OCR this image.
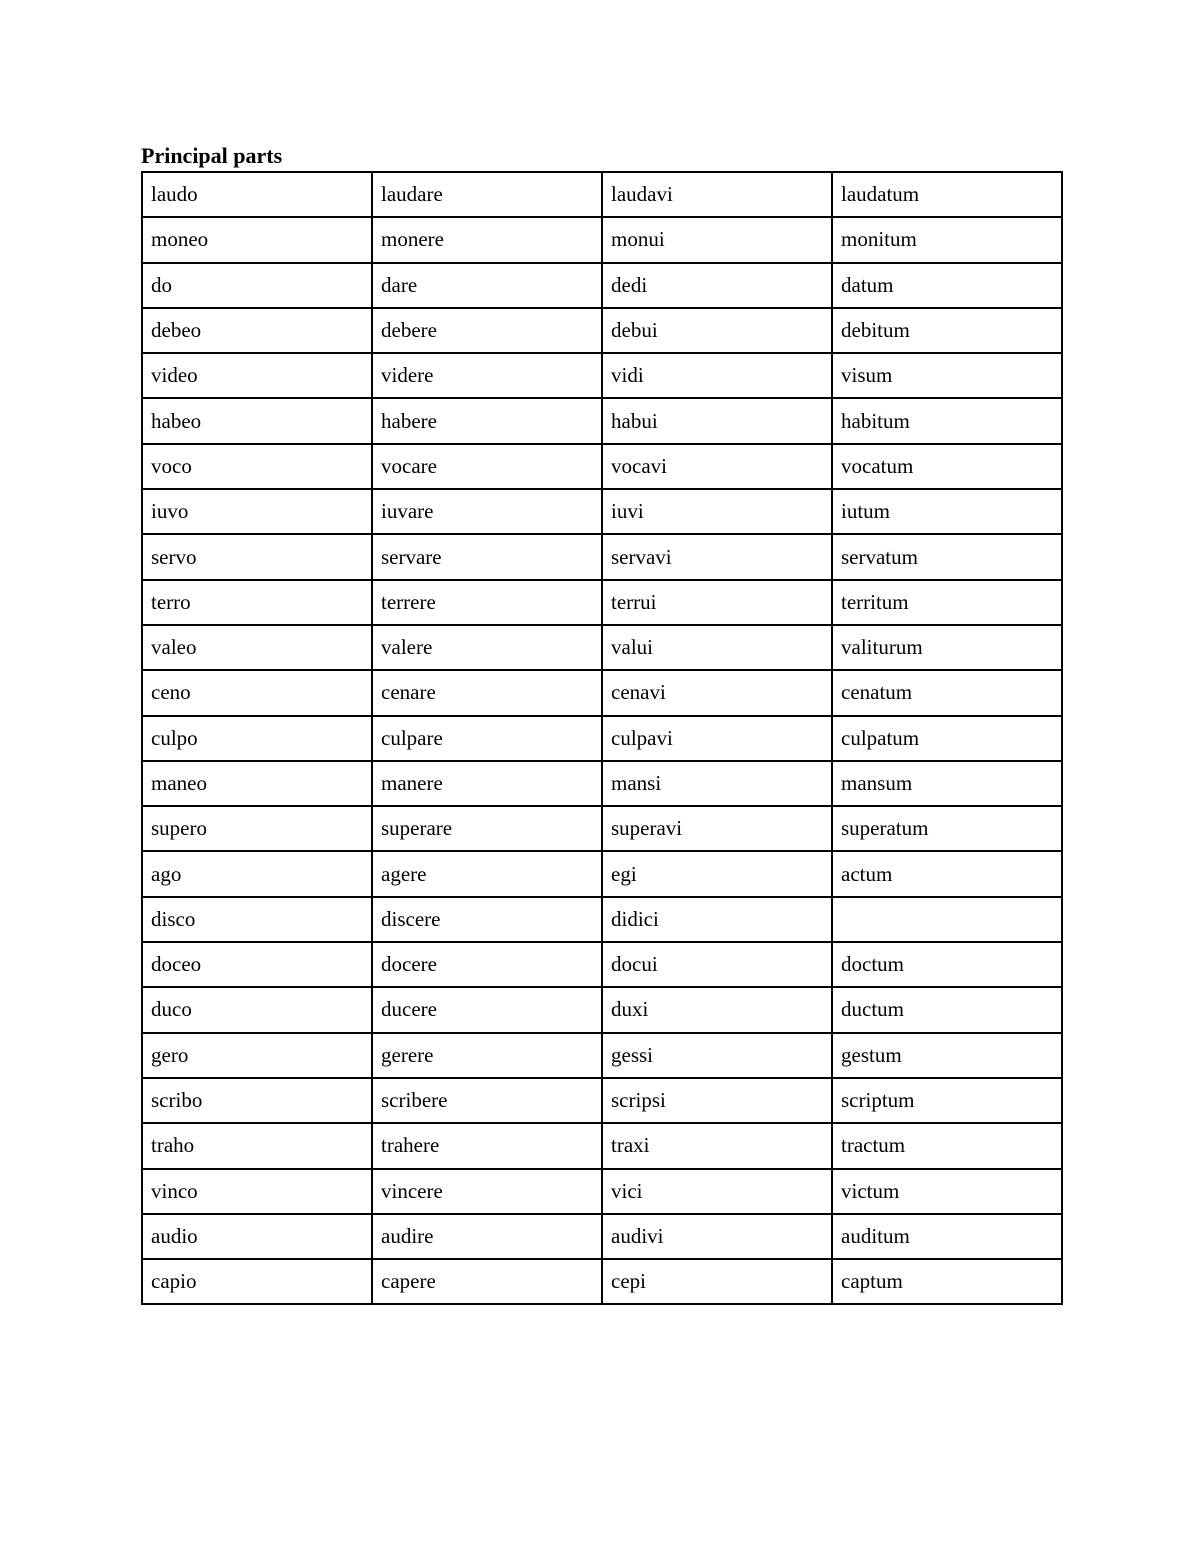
Principal parts
laudo	laudare	laudavi	laudatum
moneo	monere	monui	monitum
do	dare	dedi	datum
debeo	debere	debui	debitum
video	videre	vidi	visum
habeo	habere	habui	habitum
voco	vocare	vocavi	vocatum
iuvo	iuvare	iuvi	iutum
servo	servare	servavi	servatum
terro	terrere	terrui	territum
valeo	valere	valui	valiturum
ceno	cenare	cenavi	cenatum
culpo	culpare	culpavi	culpatum
maneo	manere	mansi	mansum
supero	superare	superavi	superatum
ago	agere	egi	actum
disco	discere	didici	
doceo	docere	docui	doctum
duco	ducere	duxi	ductum
gero	gerere	gessi	gestum
scribo	scribere	scripsi	scriptum
traho	trahere	traxi	tractum
vinco	vincere	vici	victum
audio	audire	audivi	auditum
capio	capere	cepi	captum
